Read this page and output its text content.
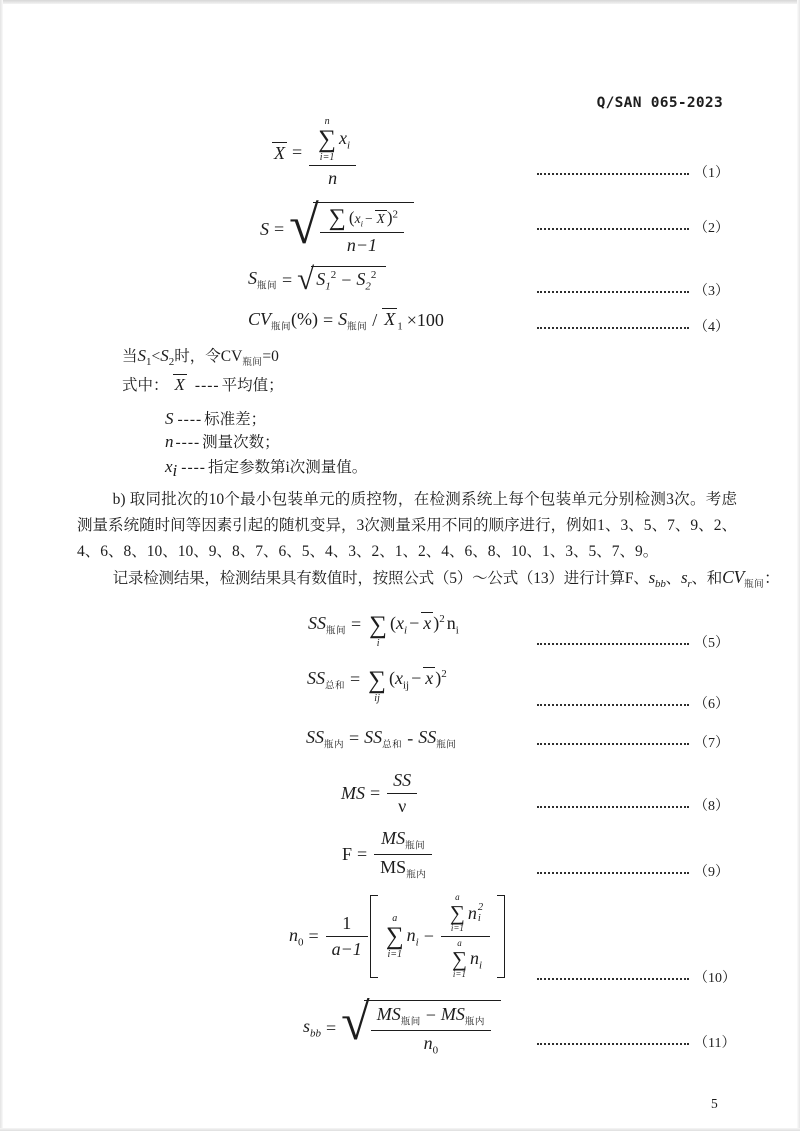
Q/SAN 065-2023
X = n
∑
i=1
$x_i$
n	（1）
S = √ $\frac{\sum (x_i - X )^2}{n-1}$	（2）
$S_{瓶间}$ = √ $S_1^2 - S_2^2$
（3）
$CV_{瓶间}(\%) = S_{瓶间} / X$ $_1$ ×100	（4）
当$S_1<S_2$时，令$CV_{瓶间}=0$
式中： X ---- 平均值；
S ---- 标准差；
n ---- 测量次数；
$x_i$ ---- 指定参数第i次测量值。
b) 取同批次的10个最小包装单元的质控物，在检测系统上每个包装单元分别检测3次。考虑测量系统随时间等因素引起的随机变异，3次测量采用不同的顺序进行，例如1、3、5、7、9、2、4、6、8、10、10、9、8、7、6、5、4、3、2、1、2、4、6、8、10、1、3、5、7、9。
记录检测结果，检测结果具有数值时，按照公式（5）～公式（13）进行计算F、$s_{bb}$、$s_r$、和$CV_{瓶间}$：
$SS_{瓶间}$ = ∑
i
($x_i - x$ )$^2$ $n_i$
（5）
$SS_{总和}$ = ∑
ij
($x_{ij} - x$ )$^2$
（6）
$SS_{瓶内} = SS_{总和} - SS_{瓶间}$	（7）
MS = $\frac{SS}{\nu}$	（8）
$F = \frac{MS_{瓶间}}{MS_{瓶内}}$	（9）
$n_0 = \frac{1}{a-1}$ a
∑
i=1
$n_i - a$
∑
i=1
n 2
i
a
∑
i=1
$n_i$	（10）
$s_{bb}$ = √ $\frac{MS_{瓶间} - MS_{瓶内}}{n_0}$	（11）
5
